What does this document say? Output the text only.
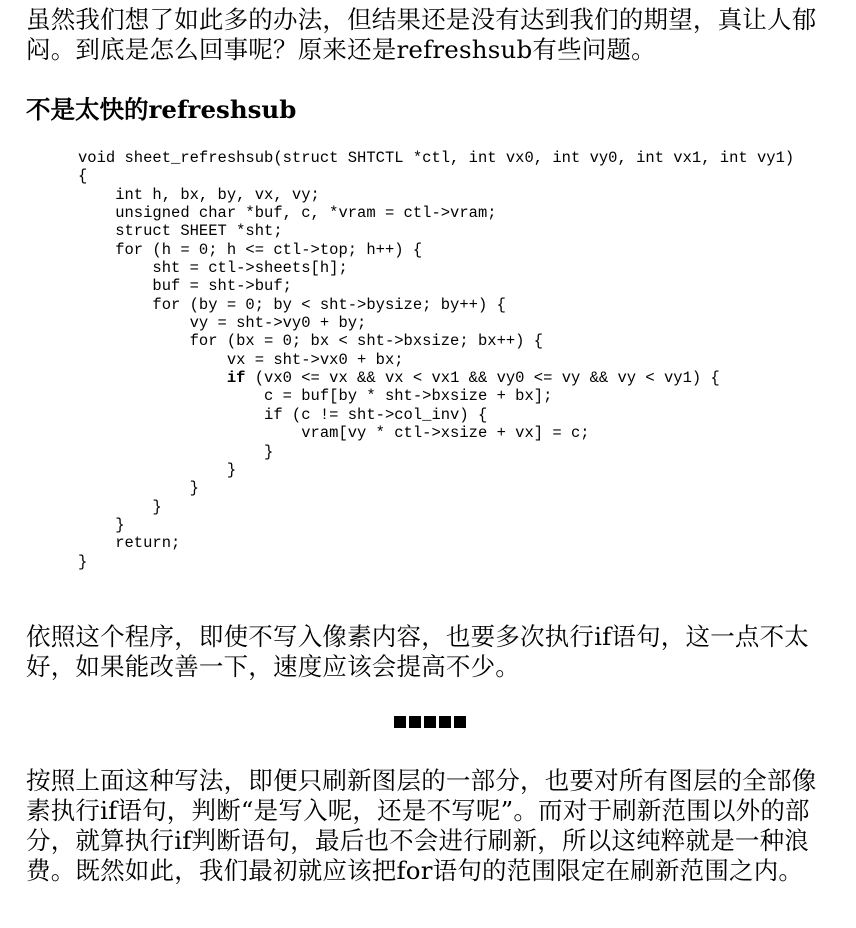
虽然我们想了如此多的办法，但结果还是没有达到我们的期望，真让人郁闷。到底是怎么回事呢？原来还是refreshsub有些问题。

不是太快的refreshsub
void sheet_refreshsub(struct SHTCTL *ctl, int vx0, int vy0, int vx1, int vy1)
{
int h, bx, by, vx, vy;
unsigned char *buf, c, *vram = ctl->vram;
struct SHEET *sht;
for (h = 0; h <= ctl->top; h++) {
sht = ctl->sheets[h];
buf = sht->buf;
for (by = 0; by < sht->bysize; by++) {
vy = sht->vy0 + by;
for (bx = 0; bx < sht->bxsize; bx++) {
vx = sht->vx0 + bx;
if (vx0 <= vx && vx < vx1 && vy0 <= vy && vy < vy1) {
c = buf[by * sht->bxsize + bx];
if (c != sht->col_inv) {
vram[vy * ctl->xsize + vx] = c;
}
}
}
}
}
return;
}

依照这个程序，即使不写入像素内容，也要多次执行if语句，这一点不太好，如果能改善一下，速度应该会提高不少。

按照上面这种写法，即便只刷新图层的一部分，也要对所有图层的全部像素执行if语句，判断“是写入呢，还是不写呢”。而对于刷新范围以外的部分，就算执行if判断语句，最后也不会进行刷新，所以这纯粹就是一种浪费。既然如此，我们最初就应该把for语句的范围限定在刷新范围之内。
